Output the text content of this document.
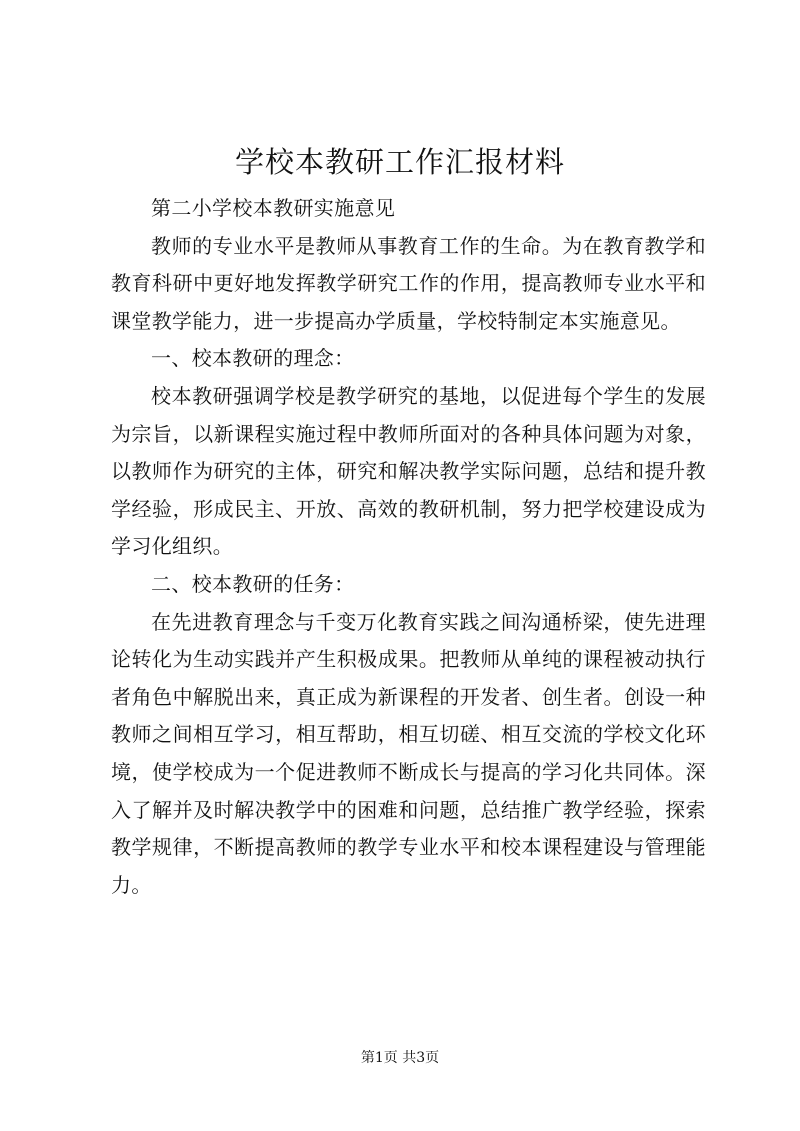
学校本教研工作汇报材料

第二小学校本教研实施意见

教师的专业水平是教师从事教育工作的生命。为在教育教学和教育科研中更好地发挥教学研究工作的作用，提高教师专业水平和课堂教学能力，进一步提高办学质量，学校特制定本实施意见。

一、校本教研的理念：

校本教研强调学校是教学研究的基地，以促进每个学生的发展为宗旨，以新课程实施过程中教师所面对的各种具体问题为对象，以教师作为研究的主体，研究和解决教学实际问题，总结和提升教学经验，形成民主、开放、高效的教研机制，努力把学校建设成为学习化组织。

二、校本教研的任务：

在先进教育理念与千变万化教育实践之间沟通桥梁，使先进理论转化为生动实践并产生积极成果。把教师从单纯的课程被动执行者角色中解脱出来，真正成为新课程的开发者、创生者。创设一种教师之间相互学习，相互帮助，相互切磋、相互交流的学校文化环境，使学校成为一个促进教师不断成长与提高的学习化共同体。深入了解并及时解决教学中的困难和问题，总结推广教学经验，探索教学规律，不断提高教师的教学专业水平和校本课程建设与管理能力。

第1页 共3页
